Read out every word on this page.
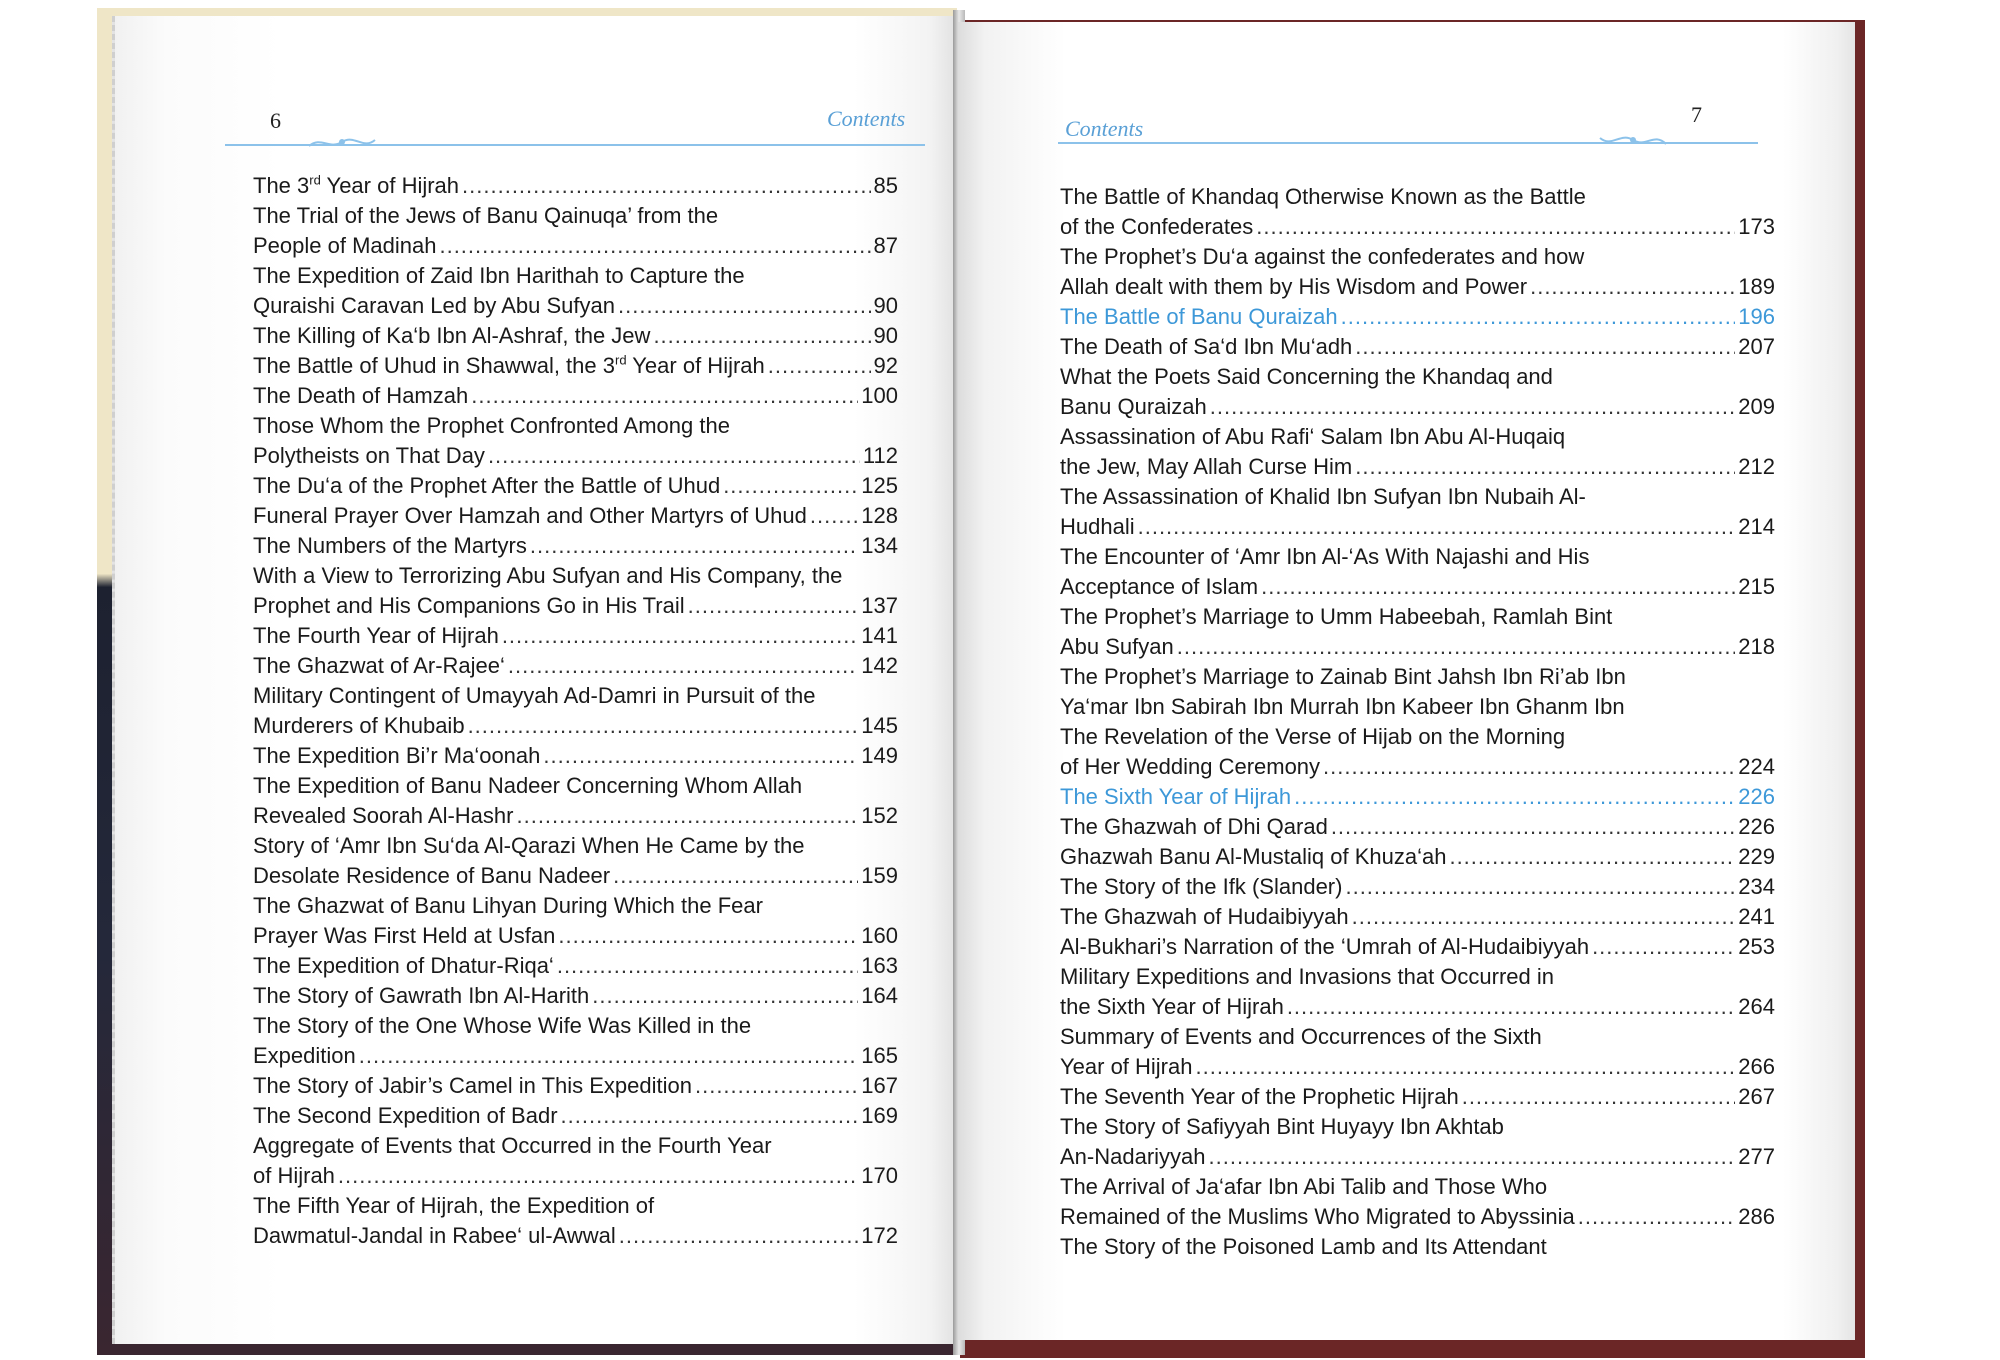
6	Contents
The 3rd Year of Hijrah .....	85
The Trial of the Jews of Banu Qainuqa’ from the
People of Madinah .....	87
The Expedition of Zaid Ibn Harithah to Capture the
Quraishi Caravan Led by Abu Sufyan .....	90
The Killing of Ka‘b Ibn Al-Ashraf, the Jew .....	90
The Battle of Uhud in Shawwal, the 3rd Year of Hijrah .....	92
The Death of Hamzah .....	100
Those Whom the Prophet Confronted Among the
Polytheists on That Day .....	112
The Du‘a of the Prophet After the Battle of Uhud .....	125
Funeral Prayer Over Hamzah and Other Martyrs of Uhud ..... 128
The Numbers of the Martyrs .....	134
With a View to Terrorizing Abu Sufyan and His Company, the
Prophet and His Companions Go in His Trail .....	137
The Fourth Year of Hijrah .....	141
The Ghazwat of Ar-Rajee‘ .....	142
Military Contingent of Umayyah Ad-Damri in Pursuit of the
Murderers of Khubaib .....	145
The Expedition Bi’r Ma‘oonah .....	149
The Expedition of Banu Nadeer Concerning Whom Allah
Revealed Soorah Al-Hashr .....	152
Story of ‘Amr Ibn Su‘da Al-Qarazi When He Came by the
Desolate Residence of Banu Nadeer .....	159
The Ghazwat of Banu Lihyan During Which the Fear
Prayer Was First Held at Usfan .....	160
The Expedition of Dhatur-Riqa‘ .....	163
The Story of Gawrath Ibn Al-Harith .....	164
The Story of the One Whose Wife Was Killed in the
Expedition .....	165
The Story of Jabir’s Camel in This Expedition .....	167
The Second Expedition of Badr .....	169
Aggregate of Events that Occurred in the Fourth Year
of Hijrah .....	170
The Fifth Year of Hijrah, the Expedition of
Dawmatul-Jandal in Rabee‘ ul-Awwal .....	172
7
Contents
The Battle of Khandaq Otherwise Known as the Battle
of the Confederates .....	173
The Prophet’s Du‘a against the confederates and how
Allah dealt with them by His Wisdom and Power .....	189
The Battle of Banu Quraizah .....	196
The Death of Sa‘d Ibn Mu‘adh .....	207
What the Poets Said Concerning the Khandaq and
Banu Quraizah .....	209
Assassination of Abu Rafi‘ Salam Ibn Abu Al-Huqaiq
the Jew, May Allah Curse Him .....	212
The Assassination of Khalid Ibn Sufyan Ibn Nubaih Al-
Hudhali .....	214
The Encounter of ‘Amr Ibn Al-‘As With Najashi and His
Acceptance of Islam .....	215
The Prophet’s Marriage to Umm Habeebah, Ramlah Bint
Abu Sufyan .....	218
The Prophet’s Marriage to Zainab Bint Jahsh Ibn Ri’ab Ibn
Ya‘mar Ibn Sabirah Ibn Murrah Ibn Kabeer Ibn Ghanm Ibn
The Revelation of the Verse of Hijab on the Morning
of Her Wedding Ceremony .....	224
The Sixth Year of Hijrah .....	226
The Ghazwah of Dhi Qarad .....	226
Ghazwah Banu Al-Mustaliq of Khuza‘ah .....	229
The Story of the Ifk (Slander) .....	234
The Ghazwah of Hudaibiyyah .....	241
Al-Bukhari’s Narration of the ‘Umrah of Al-Hudaibiyyah .....	253
Military Expeditions and Invasions that Occurred in
the Sixth Year of Hijrah .....	264
Summary of Events and Occurrences of the Sixth
Year of Hijrah .....	266
The Seventh Year of the Prophetic Hijrah .....	267
The Story of Safiyyah Bint Huyayy Ibn Akhtab
An-Nadariyyah .....	277
The Arrival of Ja‘afar Ibn Abi Talib and Those Who
Remained of the Muslims Who Migrated to Abyssinia .....	286
The Story of the Poisoned Lamb and Its Attendant
